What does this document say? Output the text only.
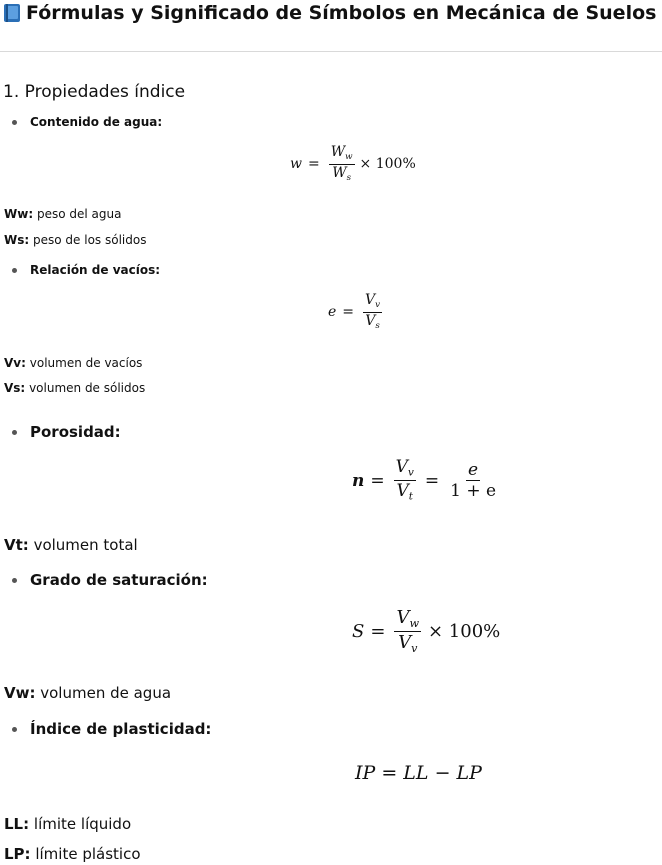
Fórmulas y Significado de Símbolos en Mecánica de Suelos
1. Propiedades índice
Contenido de agua:
$w = \frac{W_w}{W_s} \times 100\%$
Ww: peso del agua
Ws: peso de los sólidos
Relación de vacíos:
$e = \frac{V_v}{V_s}$
Vv: volumen de vacíos
Vs: volumen de sólidos
Porosidad:
$n = \frac{V_v}{V_t} = \frac{e}{1 + e}$
Vt: volumen total
Grado de saturación:
$S = \frac{V_w}{V_v} \times 100\%$
Vw: volumen de agua
Índice de plasticidad:
IP = LL − LP
LL: límite líquido
LP: límite plástico
